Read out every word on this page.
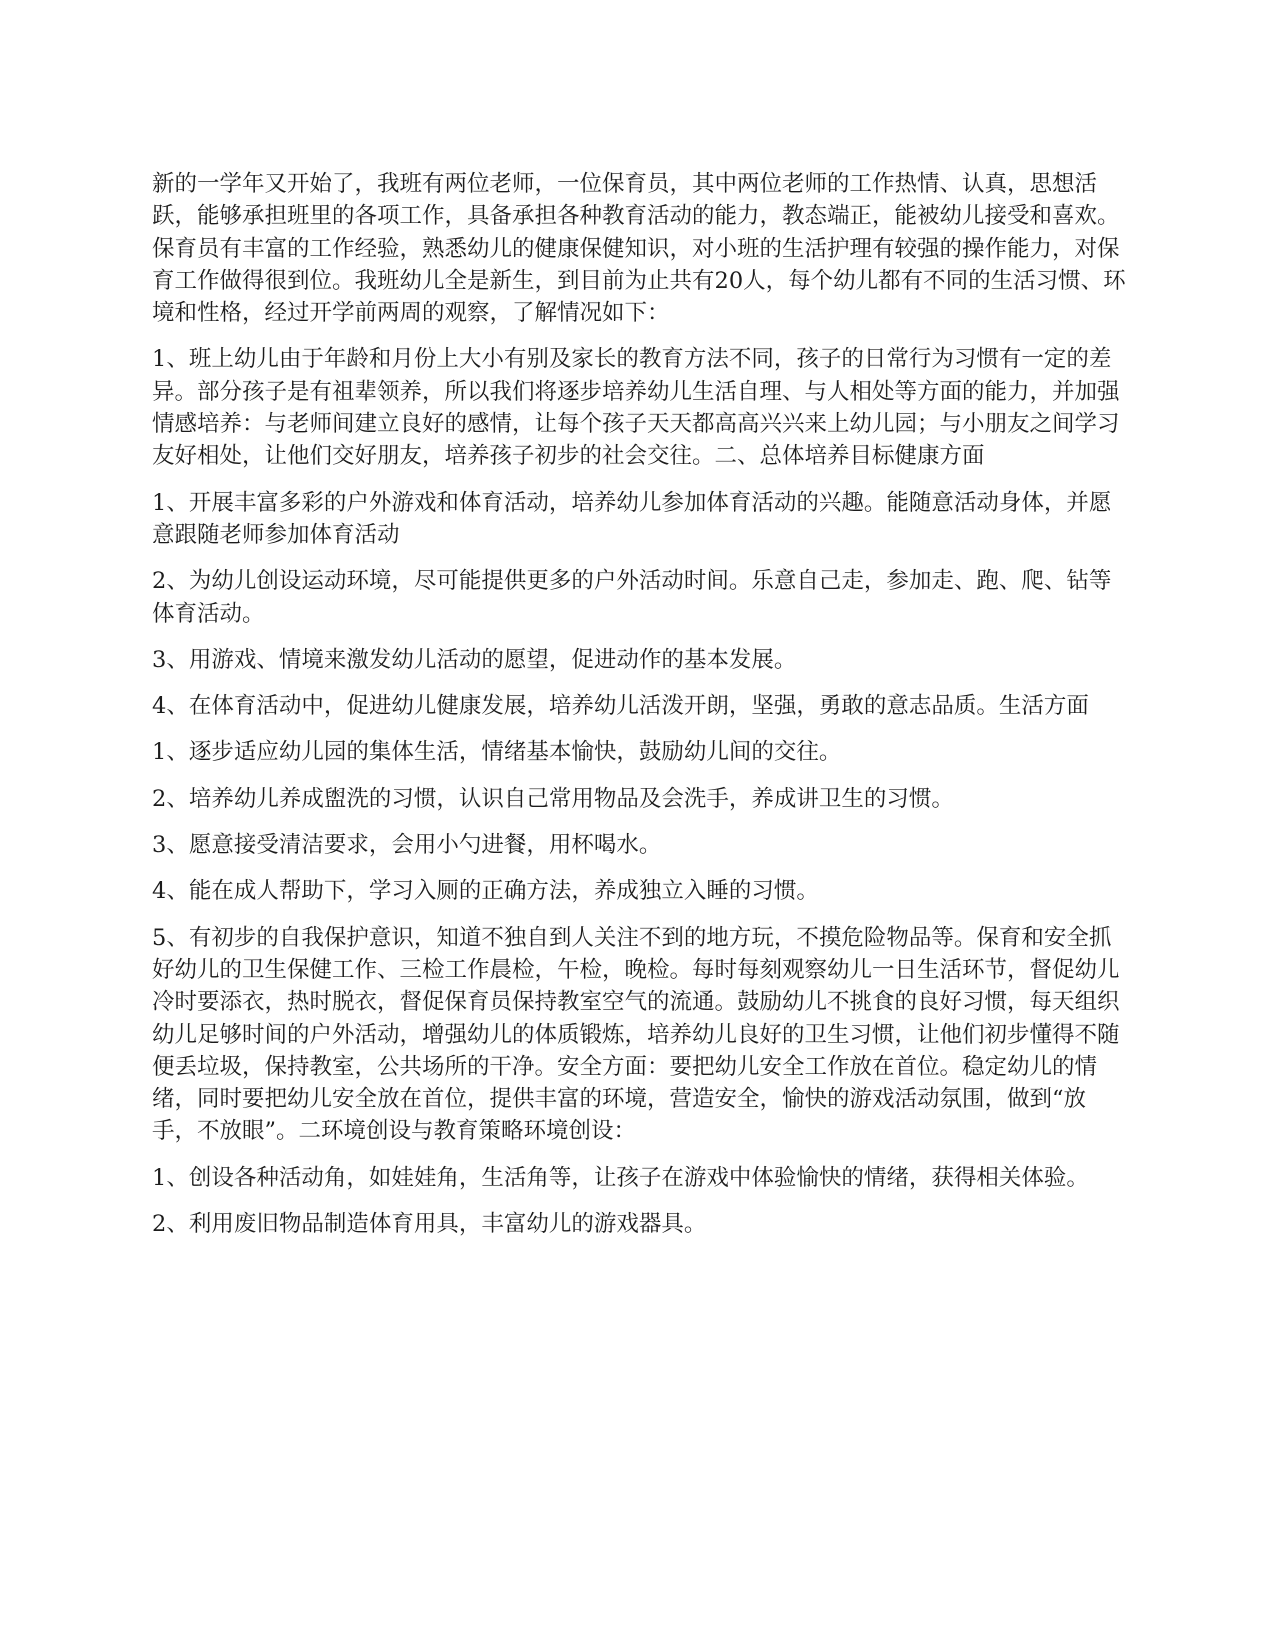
新的一学年又开始了，我班有两位老师，一位保育员，其中两位老师的工作热情、认真，思想活跃，能够承担班里的各项工作，具备承担各种教育活动的能力，教态端正，能被幼儿接受和喜欢。保育员有丰富的工作经验，熟悉幼儿的健康保健知识，对小班的生活护理有较强的操作能力，对保育工作做得很到位。我班幼儿全是新生，到目前为止共有20人，每个幼儿都有不同的生活习惯、环境和性格，经过开学前两周的观察，了解情况如下：

1、班上幼儿由于年龄和月份上大小有别及家长的教育方法不同，孩子的日常行为习惯有一定的差异。部分孩子是有祖辈领养，所以我们将逐步培养幼儿生活自理、与人相处等方面的能力，并加强情感培养：与老师间建立良好的感情，让每个孩子天天都高高兴兴来上幼儿园；与小朋友之间学习友好相处，让他们交好朋友，培养孩子初步的社会交往。二、总体培养目标健康方面

1、开展丰富多彩的户外游戏和体育活动，培养幼儿参加体育活动的兴趣。能随意活动身体，并愿意跟随老师参加体育活动

2、为幼儿创设运动环境，尽可能提供更多的户外活动时间。乐意自己走，参加走、跑、爬、钻等体育活动。

3、用游戏、情境来激发幼儿活动的愿望，促进动作的基本发展。

4、在体育活动中，促进幼儿健康发展，培养幼儿活泼开朗，坚强，勇敢的意志品质。生活方面

1、逐步适应幼儿园的集体生活，情绪基本愉快，鼓励幼儿间的交往。

2、培养幼儿养成盥洗的习惯，认识自己常用物品及会洗手，养成讲卫生的习惯。

3、愿意接受清洁要求，会用小勺进餐，用杯喝水。

4、能在成人帮助下，学习入厕的正确方法，养成独立入睡的习惯。

5、有初步的自我保护意识，知道不独自到人关注不到的地方玩，不摸危险物品等。保育和安全抓好幼儿的卫生保健工作、三检工作晨检，午检，晚检。每时每刻观察幼儿一日生活环节，督促幼儿冷时要添衣，热时脱衣，督促保育员保持教室空气的流通。鼓励幼儿不挑食的良好习惯，每天组织幼儿足够时间的户外活动，增强幼儿的体质锻炼，培养幼儿良好的卫生习惯，让他们初步懂得不随便丢垃圾，保持教室，公共场所的干净。安全方面：要把幼儿安全工作放在首位。稳定幼儿的情绪，同时要把幼儿安全放在首位，提供丰富的环境，营造安全，愉快的游戏活动氛围，做到“放手，不放眼”。二环境创设与教育策略环境创设：

1、创设各种活动角，如娃娃角，生活角等，让孩子在游戏中体验愉快的情绪，获得相关体验。

2、利用废旧物品制造体育用具，丰富幼儿的游戏器具。
